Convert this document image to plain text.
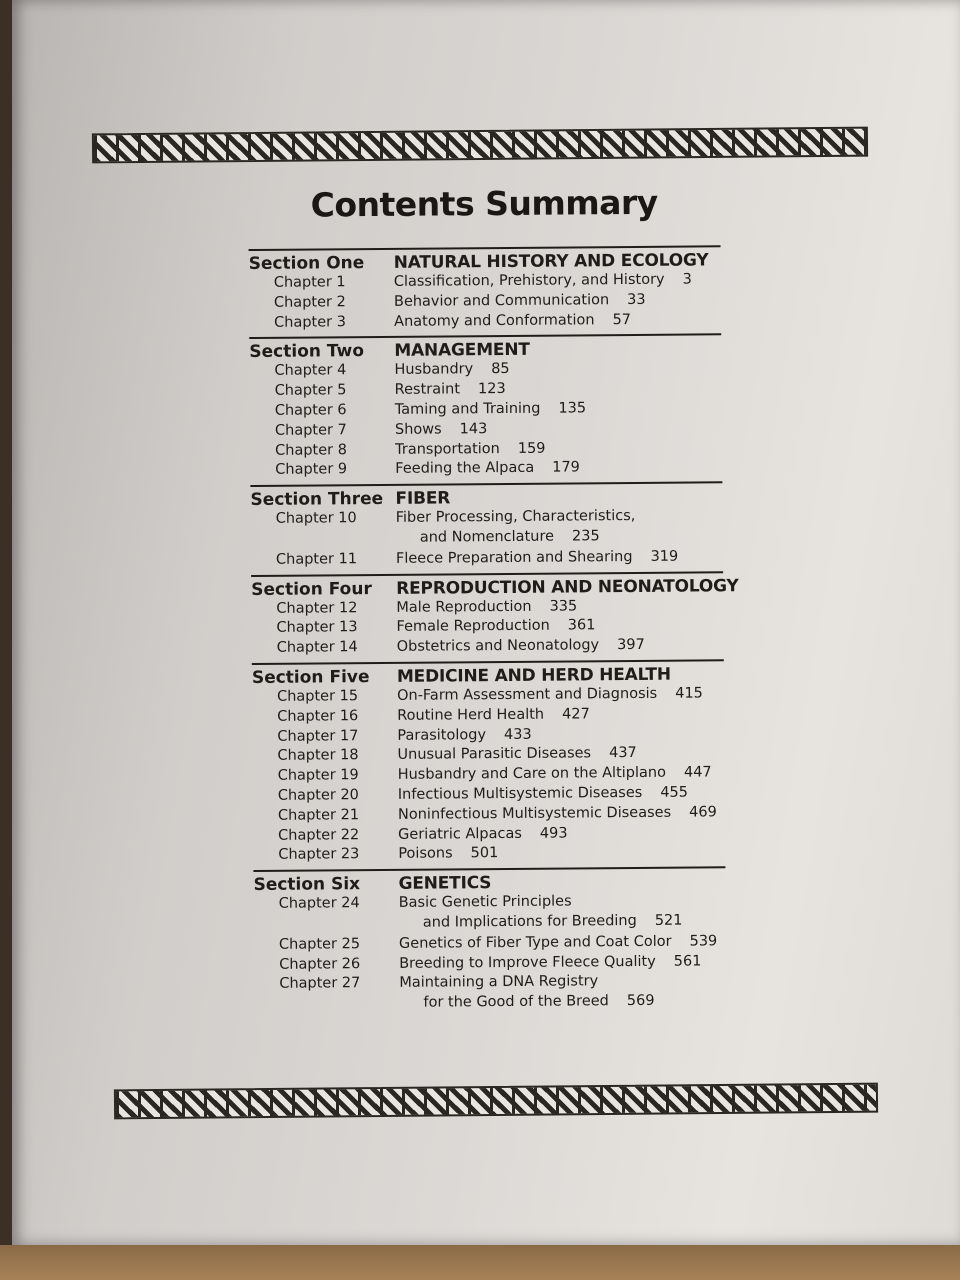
Contents Summary
Section One	NATURAL HISTORY AND ECOLOGY
Chapter 1	Classification, Prehistory, and History 3
Chapter 2	Behavior and Communication 33
Chapter 3	Anatomy and Conformation 57
Section Two	MANAGEMENT
Chapter 4	Husbandry 85
Chapter 5	Restraint 123
Chapter 6	Taming and Training 135
Chapter 7	Shows 143
Chapter 8	Transportation 159
Chapter 9	Feeding the Alpaca 179
Section Three FIBER
Chapter 10	Fiber Processing, Characteristics,
and Nomenclature 235
Chapter 11	Fleece Preparation and Shearing 319
Section Four	REPRODUCTION AND NEONATOLOGY
Chapter 12	Male Reproduction 335
Chapter 13	Female Reproduction 361
Chapter 14	Obstetrics and Neonatology 397
Section Five	MEDICINE AND HERD HEALTH
Chapter 15	On-Farm Assessment and Diagnosis 415
Chapter 16	Routine Herd Health 427
Chapter 17	Parasitology 433
Chapter 18	Unusual Parasitic Diseases 437
Chapter 19	Husbandry and Care on the Altiplano 447
Chapter 20	Infectious Multisystemic Diseases 455
Chapter 21	Noninfectious Multisystemic Diseases 469
Chapter 22	Geriatric Alpacas 493
Chapter 23	Poisons 501
Section Six	GENETICS
Chapter 24	Basic Genetic Principles
and Implications for Breeding 521
Chapter 25	Genetics of Fiber Type and Coat Color 539
Chapter 26	Breeding to Improve Fleece Quality 561
Chapter 27	Maintaining a DNA Registry
for the Good of the Breed 569
